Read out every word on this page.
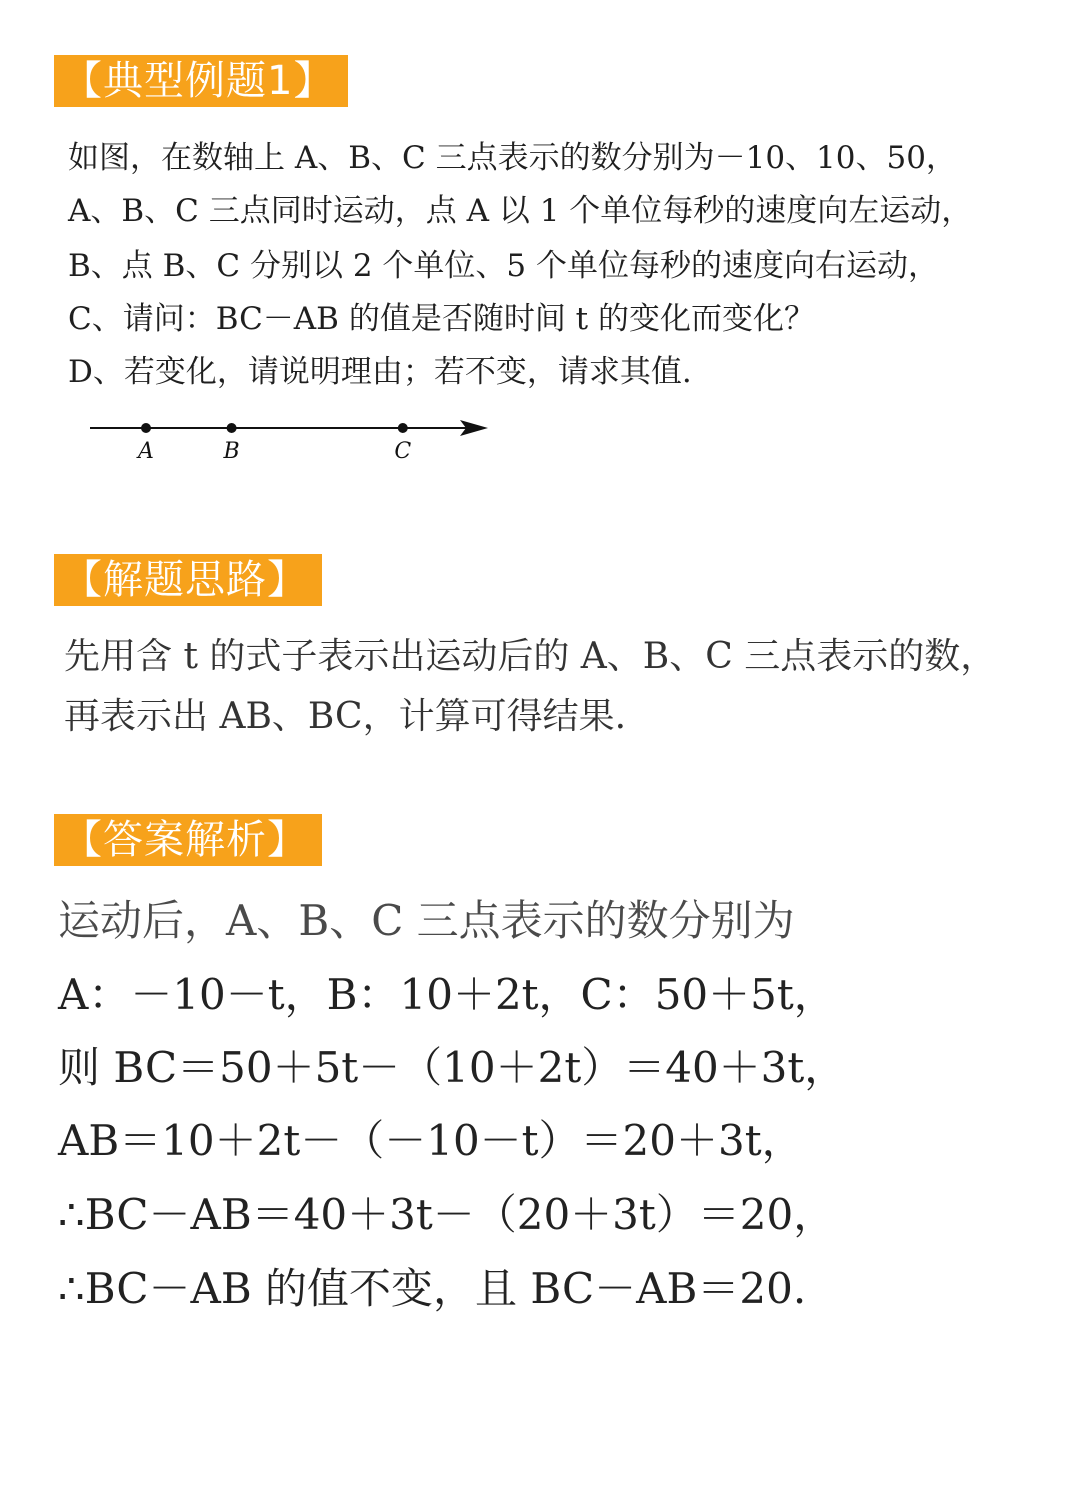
【典型例题1】
如图，在数轴上 A、B、C 三点表示的数分别为－10、10、50，
A、B、C 三点同时运动，点 A 以 1 个单位每秒的速度向左运动，
B、点 B、C 分别以 2 个单位、5 个单位每秒的速度向右运动，
C、请问：BC－AB 的值是否随时间 t 的变化而变化？
D、若变化，请说明理由；若不变，请求其值.
A	B	C
【解题思路】
先用含 t 的式子表示出运动后的 A、B、C 三点表示的数，
再表示出 AB、BC，计算可得结果.
【答案解析】
运动后，A、B、C 三点表示的数分别为
A：－10－t，B：10＋2t，C：50＋5t，
则 BC＝50＋5t－（10＋2t）＝40＋3t，
AB＝10＋2t－（－10－t）＝20＋3t，
∴BC－AB＝40＋3t－（20＋3t）＝20，
∴BC－AB 的值不变，且 BC－AB＝20.
